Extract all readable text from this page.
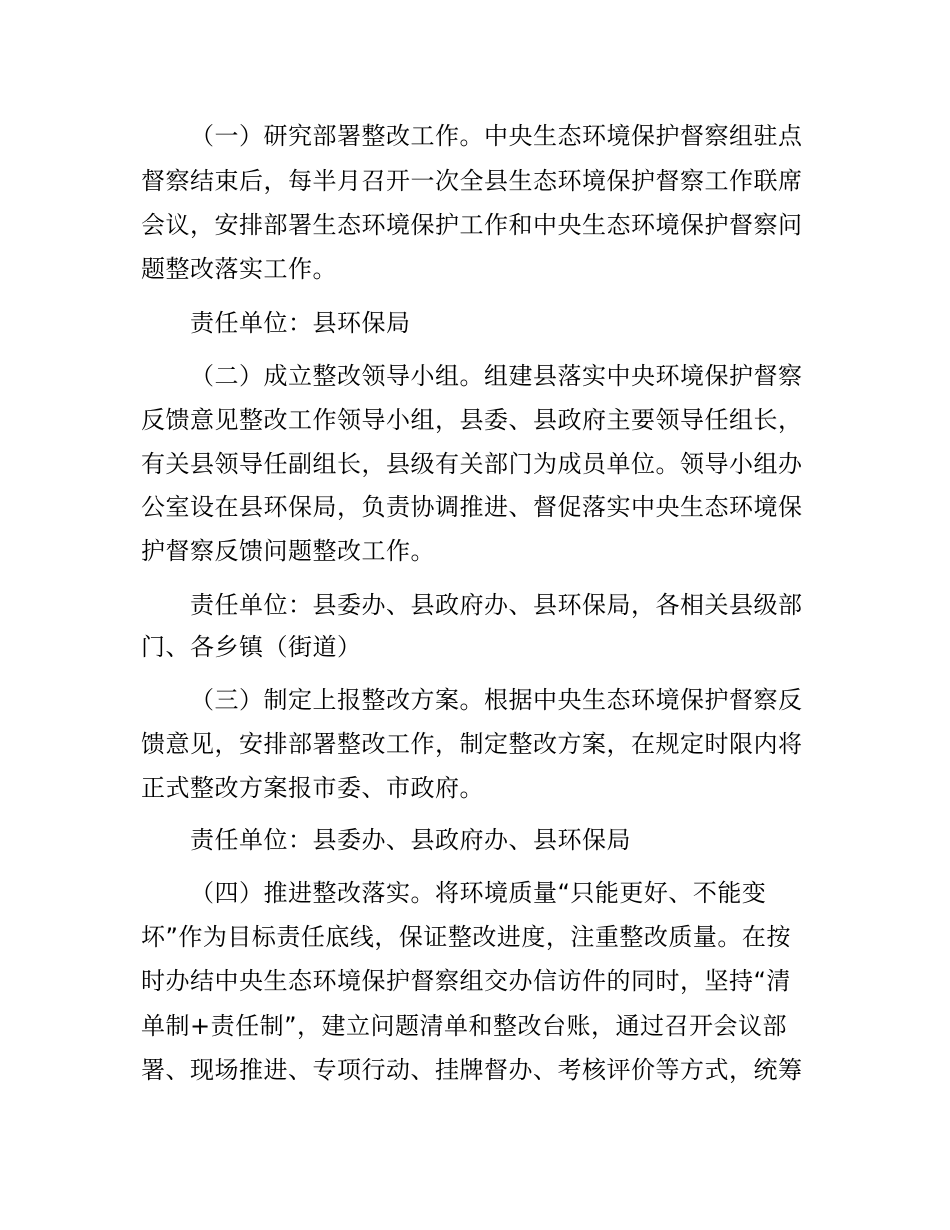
（一）研究部署整改工作。中央生态环境保护督察组驻点
督察结束后，每半月召开一次全县生态环境保护督察工作联席
会议，安排部署生态环境保护工作和中央生态环境保护督察问
题整改落实工作。
责任单位：县环保局
（二）成立整改领导小组。组建县落实中央环境保护督察
反馈意见整改工作领导小组，县委、县政府主要领导任组长，
有关县领导任副组长，县级有关部门为成员单位。领导小组办
公室设在县环保局，负责协调推进、督促落实中央生态环境保
护督察反馈问题整改工作。
责任单位：县委办、县政府办、县环保局，各相关县级部
门、各乡镇（街道）
（三）制定上报整改方案。根据中央生态环境保护督察反
馈意见，安排部署整改工作，制定整改方案，在规定时限内将
正式整改方案报市委、市政府。
责任单位：县委办、县政府办、县环保局
（四）推进整改落实。将环境质量“只能更好、不能变
坏”作为目标责任底线，保证整改进度，注重整改质量。在按
时办结中央生态环境保护督察组交办信访件的同时，坚持“清
单制+责任制”，建立问题清单和整改台账，通过召开会议部
署、现场推进、专项行动、挂牌督办、考核评价等方式，统筹
